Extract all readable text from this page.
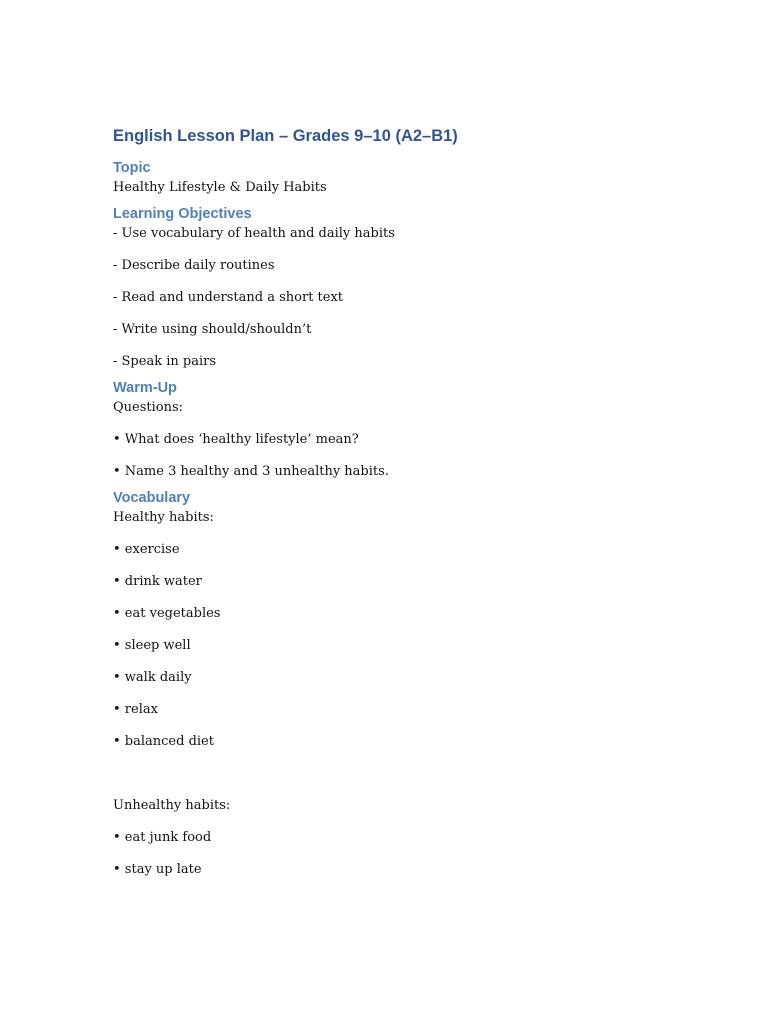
English Lesson Plan – Grades 9–10 (A2–B1)
Topic
Healthy Lifestyle & Daily Habits
Learning Objectives
- Use vocabulary of health and daily habits
- Describe daily routines
- Read and understand a short text
- Write using should/shouldn’t
- Speak in pairs
Warm-Up
Questions:
• What does ‘healthy lifestyle’ mean?
• Name 3 healthy and 3 unhealthy habits.
Vocabulary
Healthy habits:
• exercise
• drink water
• eat vegetables
• sleep well
• walk daily
• relax
• balanced diet
Unhealthy habits:
• eat junk food
• stay up late
